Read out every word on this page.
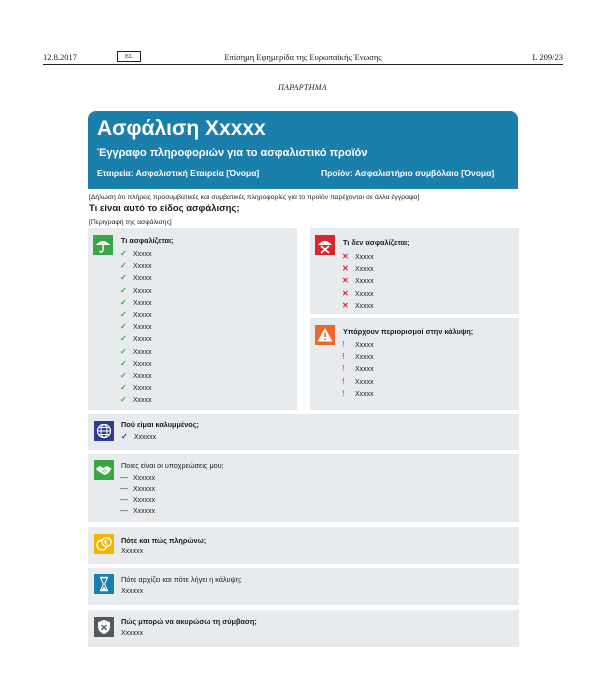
12.8.2017	EL	Επίσημη Εφημερίδα της Ευρωπαϊκής Ένωσης	L 209/23
ΠΑΡΑΡΤΗΜΑ
Ασφάλιση Xxxxx
Έγγραφο πληροφοριών για το ασφαλιστικό προϊόν
Εταιρεία: Ασφαλιστική Εταιρεία [Όνομα]	Προϊόν: Ασφαλιστήριο συμβόλαιο [Όνομα]
[Δήλωση ότι πλήρεις προσυμβατικές και συμβατικές πληροφορίες για το προϊόν παρέχονται σε άλλα έγγραφα]
Τι είναι αυτό το είδος ασφάλισης;
[Περιγραφή της ασφάλισης]
Τι ασφαλίζεται;
✓ Xxxxx
✓ Xxxxx
✓ Xxxxx
✓ Xxxxx
✓ Xxxxx
✓ Xxxxx
✓ Xxxxx
✓ Xxxxx
✓ Xxxxx
✓ Xxxxx
✓ Xxxxx
✓ Xxxxx
✓ Xxxxx
Τι δεν ασφαλίζεται;
✕ Xxxxx
✕ Xxxxx
✕ Xxxxx
✕ Xxxxx
✕ Xxxxx
Υπάρχουν περιορισμοί στην κάλυψη;
! Xxxxx
! Xxxxx
! Xxxxx
! Xxxxx
! Xxxxx
Πού είμαι καλυμμένος;
✓ Xxxxxx
Ποιες είναι οι υποχρεώσεις μου;
— Xxxxxx
— Xxxxxx
— Xxxxxx
— Xxxxxx
Πότε και πώς πληρώνω;
Xxxxxx
Πότε αρχίζει και πότε λήγει η κάλυψη;
Xxxxxx
Πώς μπορώ να ακυρώσω τη σύμβαση;
Xxxxxx
